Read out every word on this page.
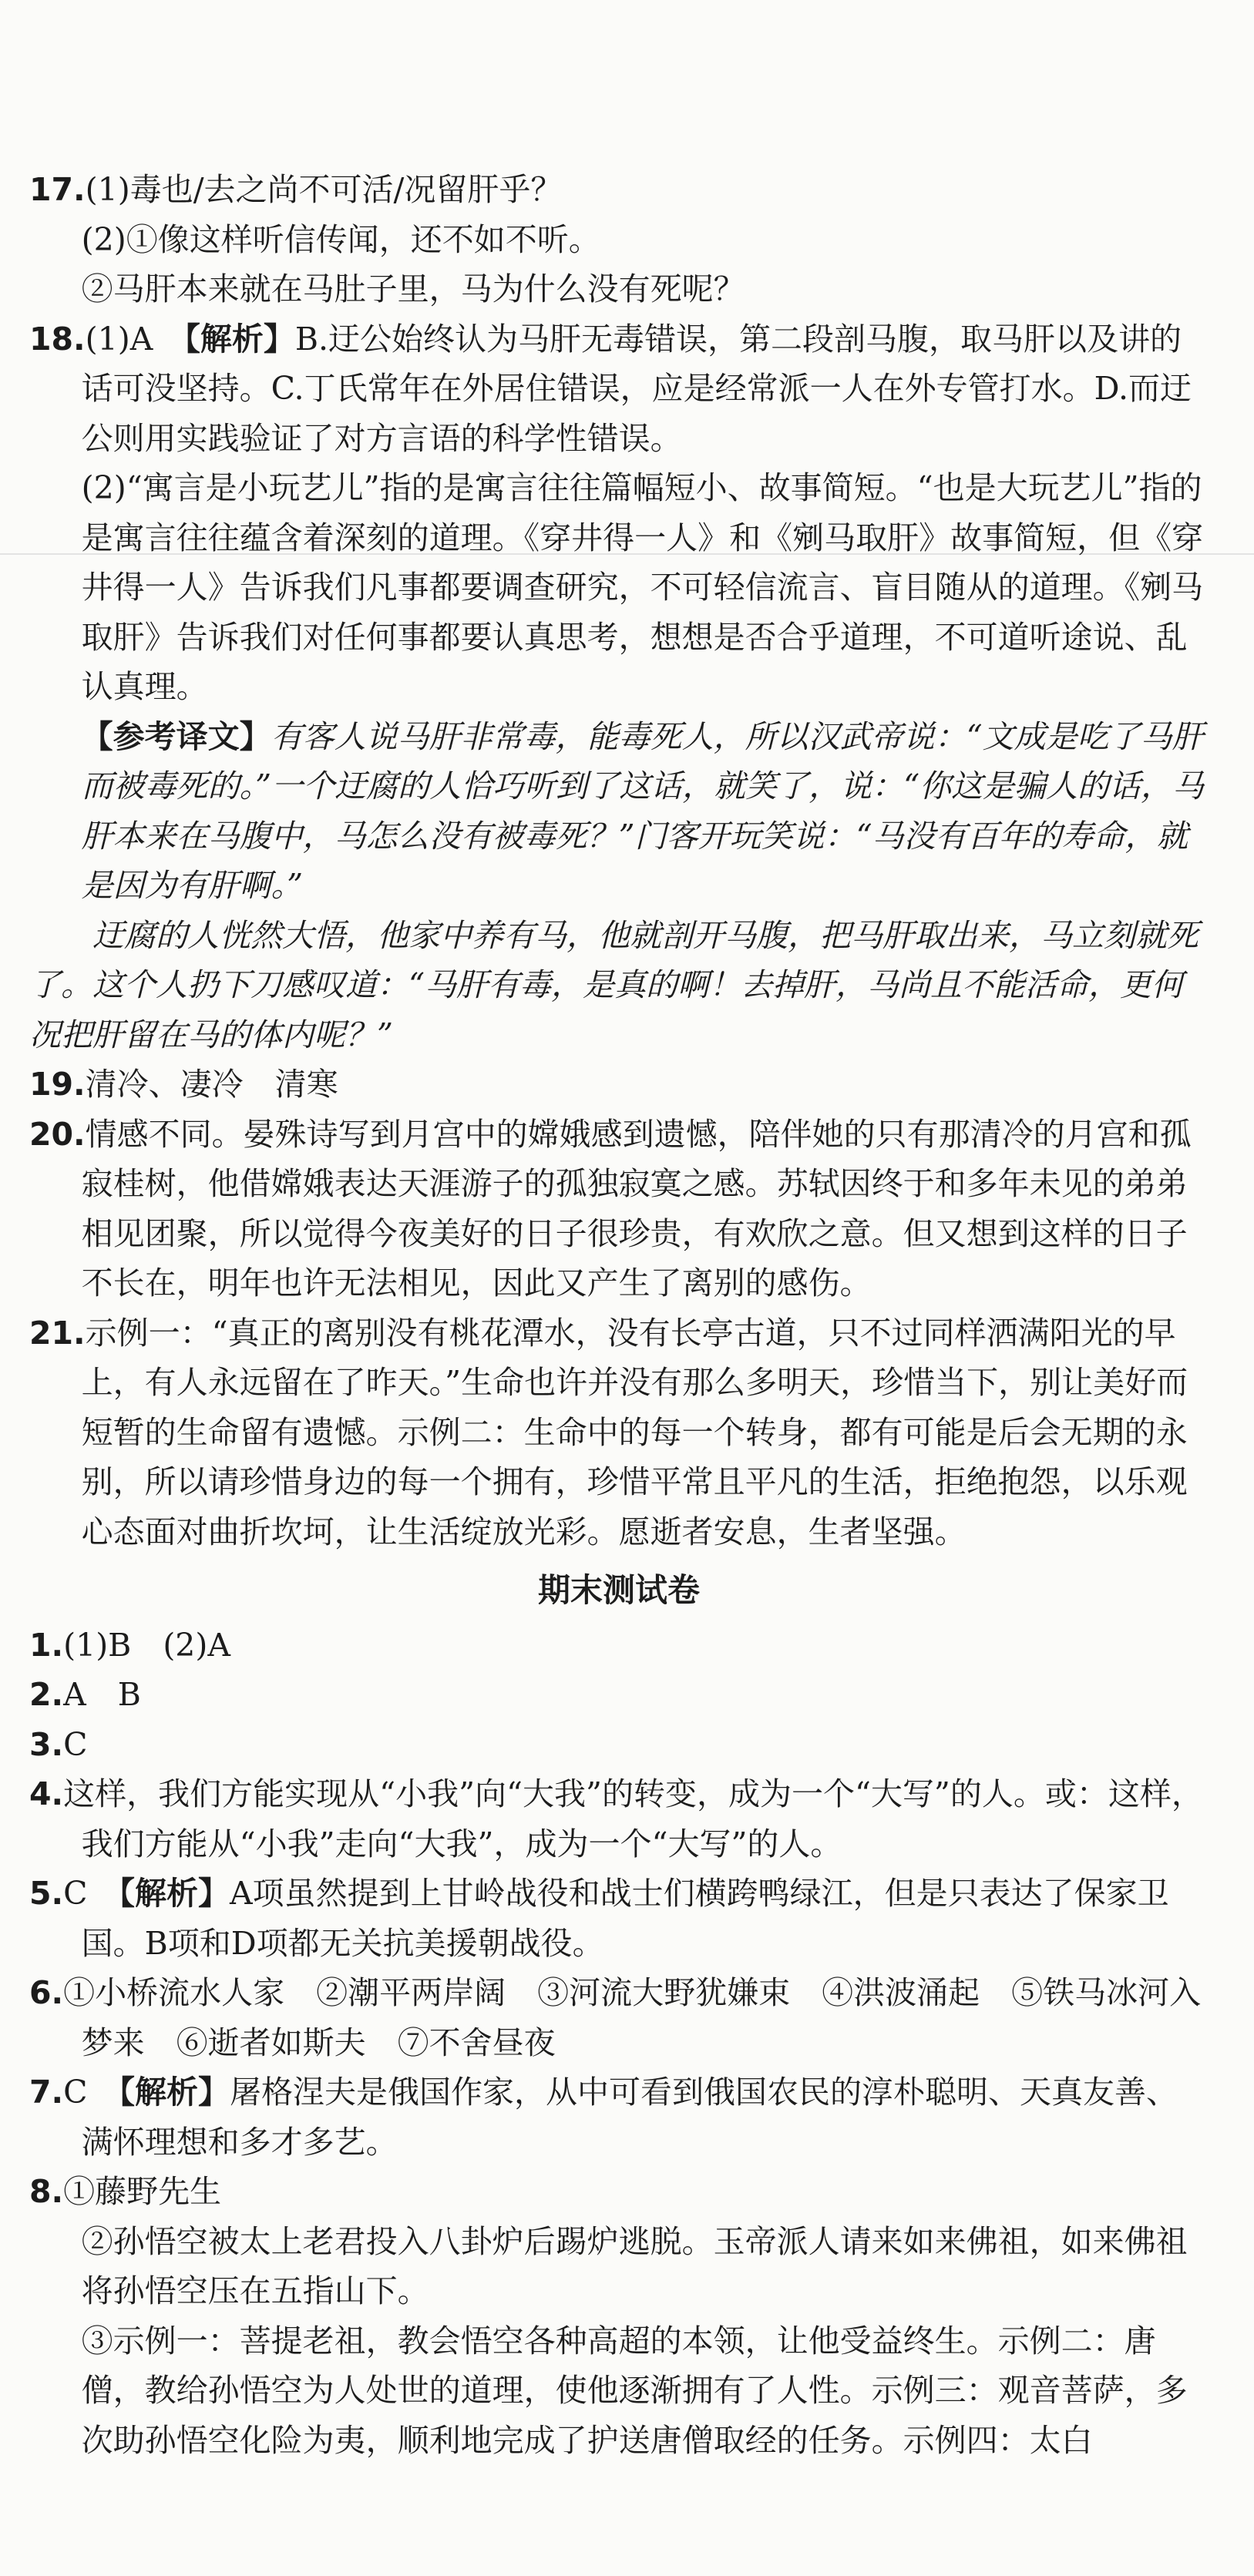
17.(1)毒也/去之尚不可活/况留肝乎？
(2)①像这样听信传闻，还不如不听。
②马肝本来就在马肚子里，马为什么没有死呢？
18.(1)A　【解析】B.迂公始终认为马肝无毒错误，第二段剖马腹，取马肝以及讲的话可没坚持。C.丁氏常年在外居住错误，应是经常派一人在外专管打水。D.而迂公则用实践验证了对方言语的科学性错误。
(2)“寓言是小玩艺儿”指的是寓言往往篇幅短小、故事简短。“也是大玩艺儿”指的是寓言往往蕴含着深刻的道理。《穿井得一人》和《剜马取肝》故事简短，但《穿井得一人》告诉我们凡事都要调查研究，不可轻信流言、盲目随从的道理。《剜马取肝》告诉我们对任何事都要认真思考，想想是否合乎道理，不可道听途说、乱认真理。
【参考译文】有客人说马肝非常毒，能毒死人，所以汉武帝说：“文成是吃了马肝而被毒死的。”一个迂腐的人恰巧听到了这话，就笑了，说：“你这是骗人的话，马肝本来在马腹中，马怎么没有被毒死？”门客开玩笑说：“马没有百年的寿命，就是因为有肝啊。”
迂腐的人恍然大悟，他家中养有马，他就剖开马腹，把马肝取出来，马立刻就死了。这个人扔下刀感叹道：“马肝有毒，是真的啊！去掉肝，马尚且不能活命，更何况把肝留在马的体内呢？”
19.清冷、凄冷　清寒
20.情感不同。晏殊诗写到月宫中的嫦娥感到遗憾，陪伴她的只有那清冷的月宫和孤寂桂树，他借嫦娥表达天涯游子的孤独寂寞之感。苏轼因终于和多年未见的弟弟相见团聚，所以觉得今夜美好的日子很珍贵，有欢欣之意。但又想到这样的日子不长在，明年也许无法相见，因此又产生了离别的感伤。
21.示例一：“真正的离别没有桃花潭水，没有长亭古道，只不过同样洒满阳光的早上，有人永远留在了昨天。”生命也许并没有那么多明天，珍惜当下，别让美好而短暂的生命留有遗憾。示例二：生命中的每一个转身，都有可能是后会无期的永别，所以请珍惜身边的每一个拥有，珍惜平常且平凡的生活，拒绝抱怨，以乐观心态面对曲折坎坷，让生活绽放光彩。愿逝者安息，生者坚强。
期末测试卷
1.(1)B　(2)A
2.A　B
3.C
4.这样，我们方能实现从“小我”向“大我”的转变，成为一个“大写”的人。或：这样，我们方能从“小我”走向“大我”，成为一个“大写”的人。
5.C　【解析】A项虽然提到上甘岭战役和战士们横跨鸭绿江，但是只表达了保家卫国。B项和D项都无关抗美援朝战役。
6.①小桥流水人家　②潮平两岸阔　③河流大野犹嫌束　④洪波涌起　⑤铁马冰河入梦来　⑥逝者如斯夫　⑦不舍昼夜
7.C　【解析】屠格涅夫是俄国作家，从中可看到俄国农民的淳朴聪明、天真友善、满怀理想和多才多艺。
8.①藤野先生
②孙悟空被太上老君投入八卦炉后踢炉逃脱。玉帝派人请来如来佛祖，如来佛祖将孙悟空压在五指山下。
③示例一：菩提老祖，教会悟空各种高超的本领，让他受益终生。示例二：唐僧，教给孙悟空为人处世的道理，使他逐渐拥有了人性。示例三：观音菩萨，多次助孙悟空化险为夷，顺利地完成了护送唐僧取经的任务。示例四：太白
